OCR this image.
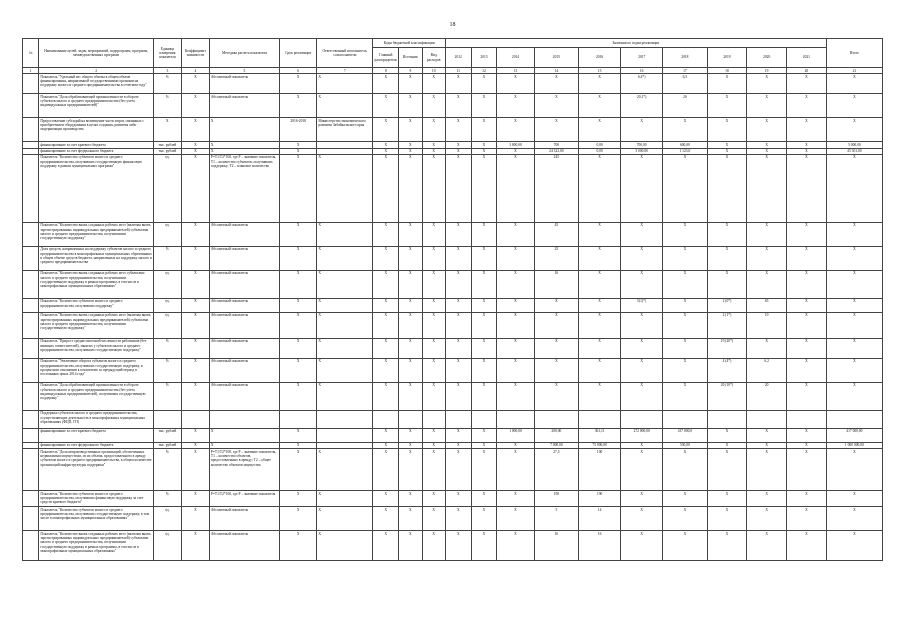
18
№	Наименование целей, задач, мероприятий, подпрограмм, программ, межведомственных программ	Единица измерения показателя	Коэффициент значимости	Методика расчета показателя	Срок реализации	Ответственный исполнитель, соисполнители	Коды бюджетной классификации			Значения по годам реализации										Итого
							Главный распорядитель	Источник	Вид расходов	2012	2013	2014	2015	2016	2017	2018	2019	2020	2021	
1	2	3	4	5	6	7	8	9	10	11	12	13	14	15	16	17	18	19	20	21
	Показатель "Удельный вес общего объема в общем объеме финансирования, направленной государственными органами на поддержку малого и среднего предпринимательства в отчетном году"	%	X	Абсолютный показатель	X	X	X	X	X	X	X	X	X	X	6,4*)	6,5	X	X	X	X
	Показатель "Доля обрабатывающей промышленности в обороте субъектов малого и среднего предпринимательства (без учета индивидуальных предпринимателей)"	%	X	Абсолютный показатель	X	X	X	X	X	X	X	X	X	X	20,1*)	20	X	X	X	X
	Предоставление субсидий на возмещение части затрат, связанных с приобретением оборудования в целях создания, развития либо модернизации производства	X	X	X	2016-2018	Министерство экономического развития Забайкальского края	X	X	X	X	X	X	X	X	X	X	X	X	X	X
	финансирование за счет краевого бюджета	тыс. рублей	X	X	X		X	X	X	X	X	3 000,00	700	0,00	700,00	600,00	X	X	X	5 000,00
	финансирование за счет федерального бюджета	тыс. рублей	X	X	X		X	X	X	X	X	X	24 323,00	0,00	3 000,00	1 123,0	X	X	X	45 301,00
	Показатель "Количество субъектов малого и среднего предпринимательства, получивших государственную финансовую поддержку в рамках муниципальных программ"	ед.	X	Р=Т1/Т2*100, где Р – значение показателя, Т1 – количество субъектов, получивших поддержку; Т2 – плановое количество	X	X	X	X	X	X	X	X	245	X	X	X	X	X	X	X
	Показатель "Количество вновь созданных рабочих мест (включая вновь зарегистрированных индивидуальных предпринимателей) субъектами малого и среднего предпринимательства, получившими государственную поддержку"	ед.	X	Абсолютный показатель	X	X	X	X	X	X	X	X	45	X	X	X	X	X	X	X
	Доля средств, направленных на поддержку субъектов малого и среднего предпринимательства в монопрофильных муниципальных образованиях в общем объеме средств бюджета, направленных на поддержку малого и среднего предпринимательства	%	X	Абсолютный показатель	X	X	X	X	X	X	X	X	25	X	X	X	X	X	X	X
	Показатель "Количество вновь созданных рабочих мест субъектами малого и среднего предпринимательства, получившими государственную поддержку в рамках программы, в том числе в монопрофильных муниципальных образованиях"	ед.	X	Абсолютный показатель	X	X	X	X	X	X	X	X	16	X	X	X	X	X	X	X
	Показатель "Количество субъектов малого и среднего предпринимательства, получивших поддержку"	ед.	X	Абсолютный показатель	X	X	X	X	X	X	X	X	X	X	5(1)*)	X	2 (0*)	65	X	X
	Показатель "Количество вновь созданных рабочих мест (включая вновь зарегистрированных индивидуальных предпринимателей) субъектами малого и среднего предпринимательства, получившими государственную поддержку"	ед.	X	Абсолютный показатель	X	X	X	X	X	X	X	X	X	X	X	X	2 (1*)	10	X	X
	Показатель "Прирост среднесписочной численности работников (без внешних совместителей), занятых у субъектов малого и среднего предпринимательства, получивших государственную поддержку"	%	X	Абсолютный показатель	X	X	X	X	X	X	X	X	X	X	X	X	19 (20*)	X	X	X
	Показатель "Увеличение оборота субъектов малого и среднего предпринимательства, получивших государственную поддержку, в процентном отношении к показателю за предыдущий период в постоянных ценах 2014 года"	%	X	Абсолютный показатель	X	X	X	X	X	X	X	X	X	X	X	X	4 (4*)	6,2	X	X
	Показатель "Доля обрабатывающей промышленности в обороте субъектов малого и среднего предпринимательства (без учета индивидуальных предпринимателей), получивших государственную поддержку"	%	X	Абсолютный показатель	X	X	X	X	X	X	X	X	X	X	X	X	20 (10*)	20	X	X
	Поддержка субъектов малого и среднего предпринимательства, осуществляющих деятельность в монопрофильных муниципальных образованиях (ФЦП, ГП)																			
	финансирование за счет краевого бюджета	тыс. рублей	X	X	X		X	X	X	X	X	1 000,00	200,00	361,11	272 000,00	417 000,0	X	X	X	417 000,00
	финансирование за счет федерального бюджета	тыс. рублей	X	X	X		X	X	X	X	X	X	7 000,00	75 000,00	X	530,00	X	X	X	1 000 000,00
	Показатель "Доля непроизводственных организаций, обеспеченных недвижимым имуществом, из их объема, предоставленного в аренду субъектам малого и среднего предпринимательства, в общем количестве организаций инфраструктуры поддержки"	%	X	Р=Т1/Т2*100, где Р – значение показателя, Т1 – количество объектов, предоставленных в аренду; Т2 – общее количество объектов имущества	X	X	X	X	X	X	X	X	27,5	100	X	X	X	X	X	X
	Показатель "Количество субъектов малого и среднего предпринимательства, получивших финансовую поддержку за счет средств краевого бюджета"	%	X	Р=Т1/Т2*100, где Р – значение показателя	X	X	X	X	X	X	X	X	190	190	X	X	X	X	X	X
	Показатель "Количество субъектов малого и среднего предпринимательства, получивших государственную поддержку, в том числе в монопрофильных муниципальных образованиях"	ед.	X	Абсолютный показатель	X	X	X	X	X	X	X	X	5	14	X	X	X	X	X	X
	Показатель "Количество вновь созданных рабочих мест (включая вновь зарегистрированных индивидуальных предпринимателей) субъектами малого и среднего предпринимательства, получившими государственную поддержку в рамках программы, в том числе в монопрофильных муниципальных образованиях"	ед.	X	Абсолютный показатель	X	X	X	X	X	X	X	X	16	16	X	X	X	X	X	X
